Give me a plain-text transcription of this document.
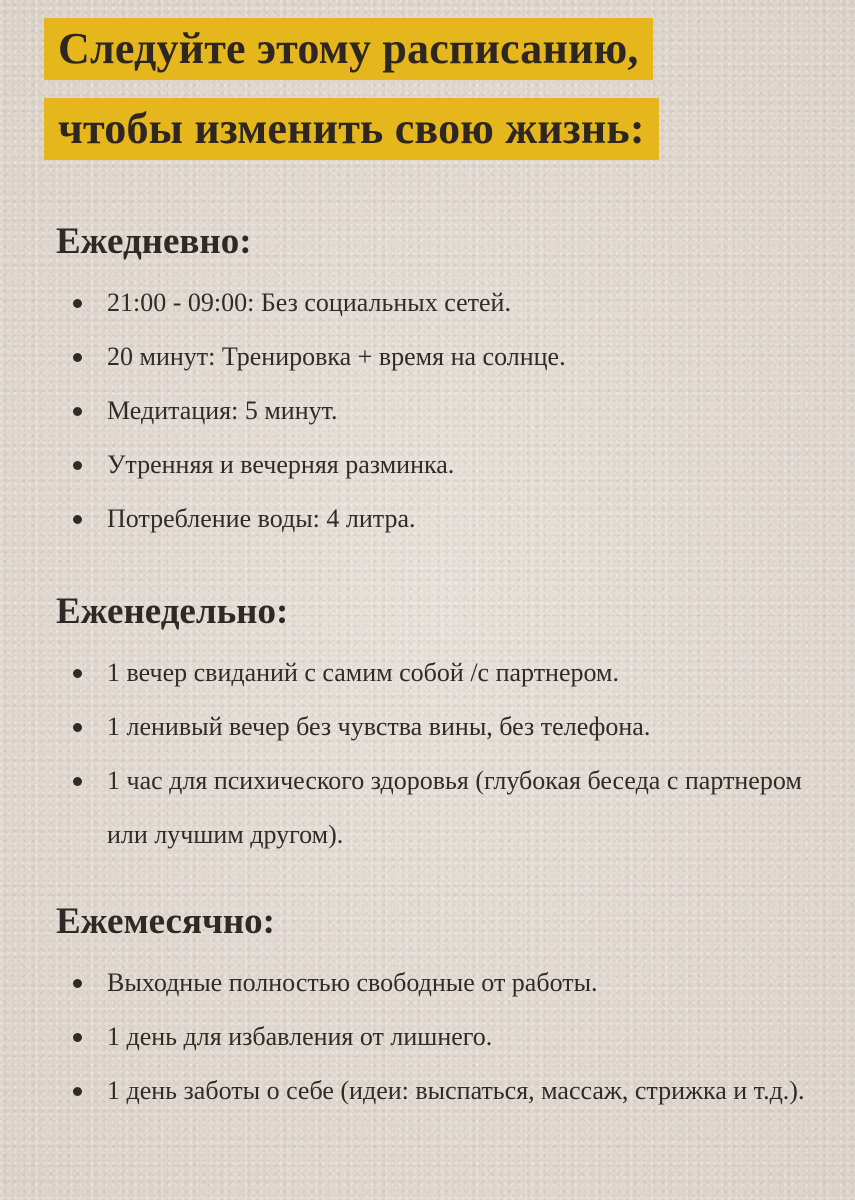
Следуйте этому расписанию,
чтобы изменить свою жизнь:
Ежедневно:
21:00 - 09:00: Без социальных сетей.
20 минут: Тренировка + время на солнце.
Медитация: 5 минут.
Утренняя и вечерняя разминка.
Потребление воды: 4 литра.
Еженедельно:
1 вечер свиданий с самим собой /с партнером.
1 ленивый вечер без чувства вины, без телефона.
1 час для психического здоровья (глубокая беседа с партнером или лучшим другом).
Ежемесячно:
Выходные полностью свободные от работы.
1 день для избавления от лишнего.
1 день заботы о себе (идеи: выспаться, массаж, стрижка и т.д.).
